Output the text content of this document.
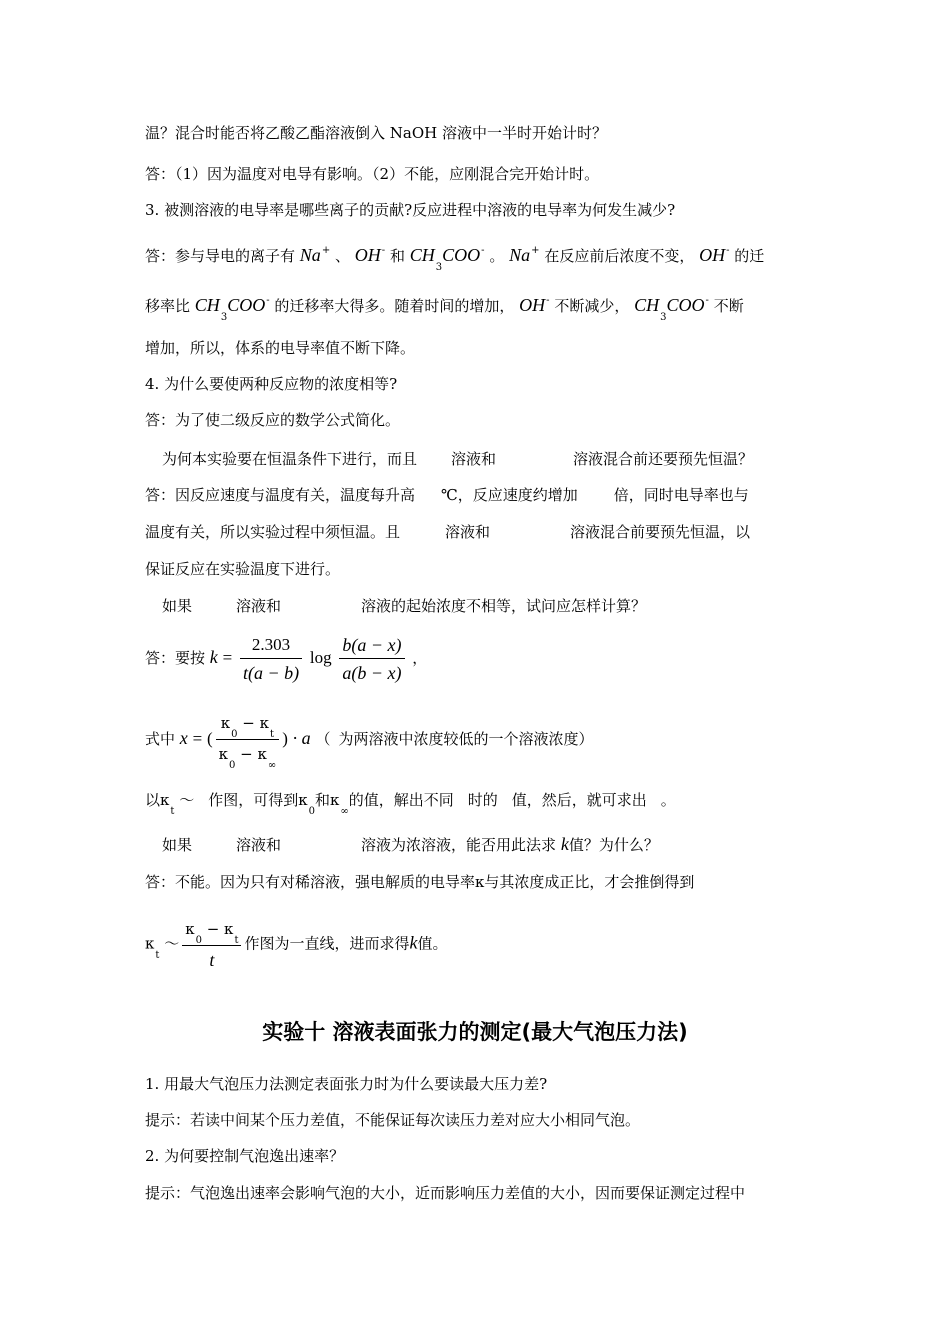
温？混合时能否将乙酸乙酯溶液倒入 NaOH 溶液中一半时开始计时？
答：（1）因为温度对电导有影响。（2）不能，应刚混合完开始计时。
3. 被测溶液的电导率是哪些离子的贡献?反应进程中溶液的电导率为何发生减少?
答：参与导电的离子有 Na+ 、 OH- 和 $CH_3COO^-$ 。 Na+ 在反应前后浓度不变， OH- 的迁
移率比 $CH_3COO^-$ 的迁移率大得多。随着时间的增加， OH- 不断减少， $CH_3COO^-$ 不断
增加，所以，体系的电导率值不断下降。
4. 为什么要使两种反应物的浓度相等?
答：为了使二级反应的数学公式简化。
为何本实验要在恒温条件下进行，而且 溶液和	溶液混合前还要预先恒温？
答：因反应速度与温度有关，温度每升高 ℃，反应速度约增加 倍，同时电导率也与
温度有关，所以实验过程中须恒温。且	溶液和	溶液混合前要预先恒温，以
保证反应在实验温度下进行。
如果	溶液和	溶液的起始浓度不相等，试问应怎样计算？
答：要按 $k = \frac{2.303}{t(a - b)}$ $\log \frac{b(a - x)}{a(b - x)}$ ，
式中 x = ( $\frac{\kappa_0 - \kappa_t}{\kappa_0 - \kappa_\infty}$ ) · a （ 为两溶液中浓度较低的一个溶液浓度）
以$\kappa_t$ ～ 作图，可得到$\kappa_0$和$\kappa_\infty$的值，解出不同 时的 值，然后，就可求出 。
如果	溶液和	溶液为浓溶液，能否用此法求 k值？为什么？
答：不能。因为只有对稀溶液，强电解质的电导率κ与其浓度成正比，才会推倒得到
$\kappa_t$ ～ $\frac{\kappa_0 - \kappa_t}{t}$ 作图为一直线，进而求得k值。
实验十 溶液表面张力的测定(最大气泡压力法)
1. 用最大气泡压力法测定表面张力时为什么要读最大压力差?
提示：若读中间某个压力差值，不能保证每次读压力差对应大小相同气泡。
2. 为何要控制气泡逸出速率？
提示：气泡逸出速率会影响气泡的大小，近而影响压力差值的大小，因而要保证测定过程中
